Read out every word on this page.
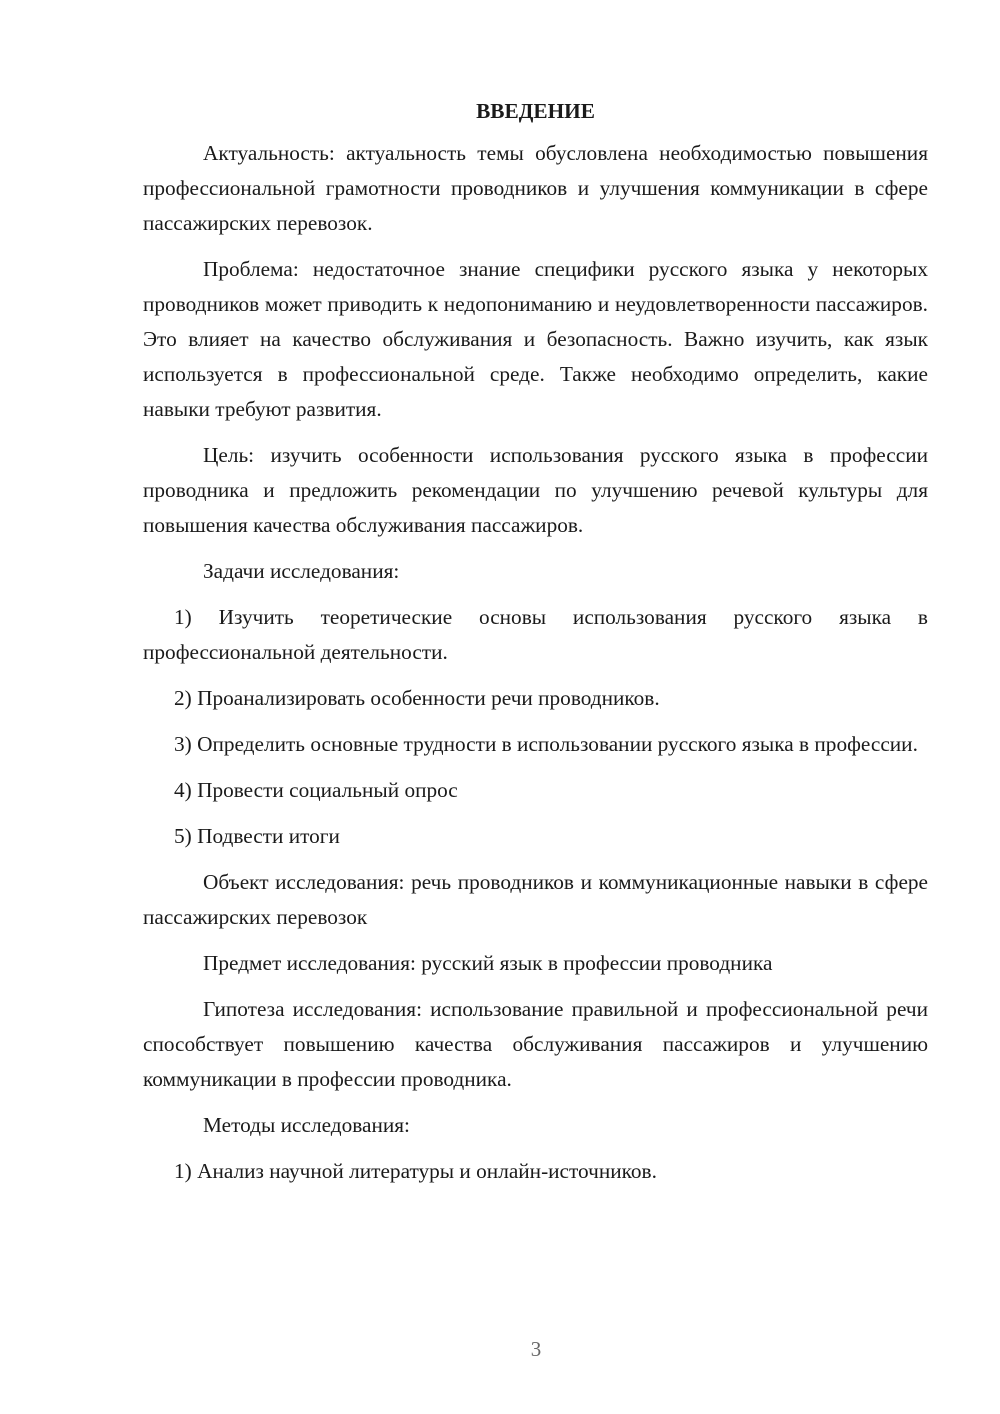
ВВЕДЕНИЕ

Актуальность: актуальность темы обусловлена необходимостью повышения профессиональной грамотности проводников и улучшения коммуникации в сфере пассажирских перевозок.

Проблема: недостаточное знание специфики русского языка у некоторых проводников может приводить к недопониманию и неудовлетворенности пассажиров. Это влияет на качество обслуживания и безопасность. Важно изучить, как язык используется в профессиональной среде. Также необходимо определить, какие навыки требуют развития.

Цель: изучить особенности использования русского языка в профессии проводника и предложить рекомендации по улучшению речевой культуры для повышения качества обслуживания пассажиров.

Задачи исследования:

1) Изучить теоретические основы использования русского языка в профессиональной деятельности.

2) Проанализировать особенности речи проводников.

3) Определить основные трудности в использовании русского языка в профессии.

4) Провести социальный опрос

5) Подвести итоги

Объект исследования: речь проводников и коммуникационные навыки в сфере пассажирских перевозок

Предмет исследования: русский язык в профессии проводника

Гипотеза исследования: использование правильной и профессиональной речи способствует повышению качества обслуживания пассажиров и улучшению коммуникации в профессии проводника.

Методы исследования:

1) Анализ научной литературы и онлайн-источников.

3
